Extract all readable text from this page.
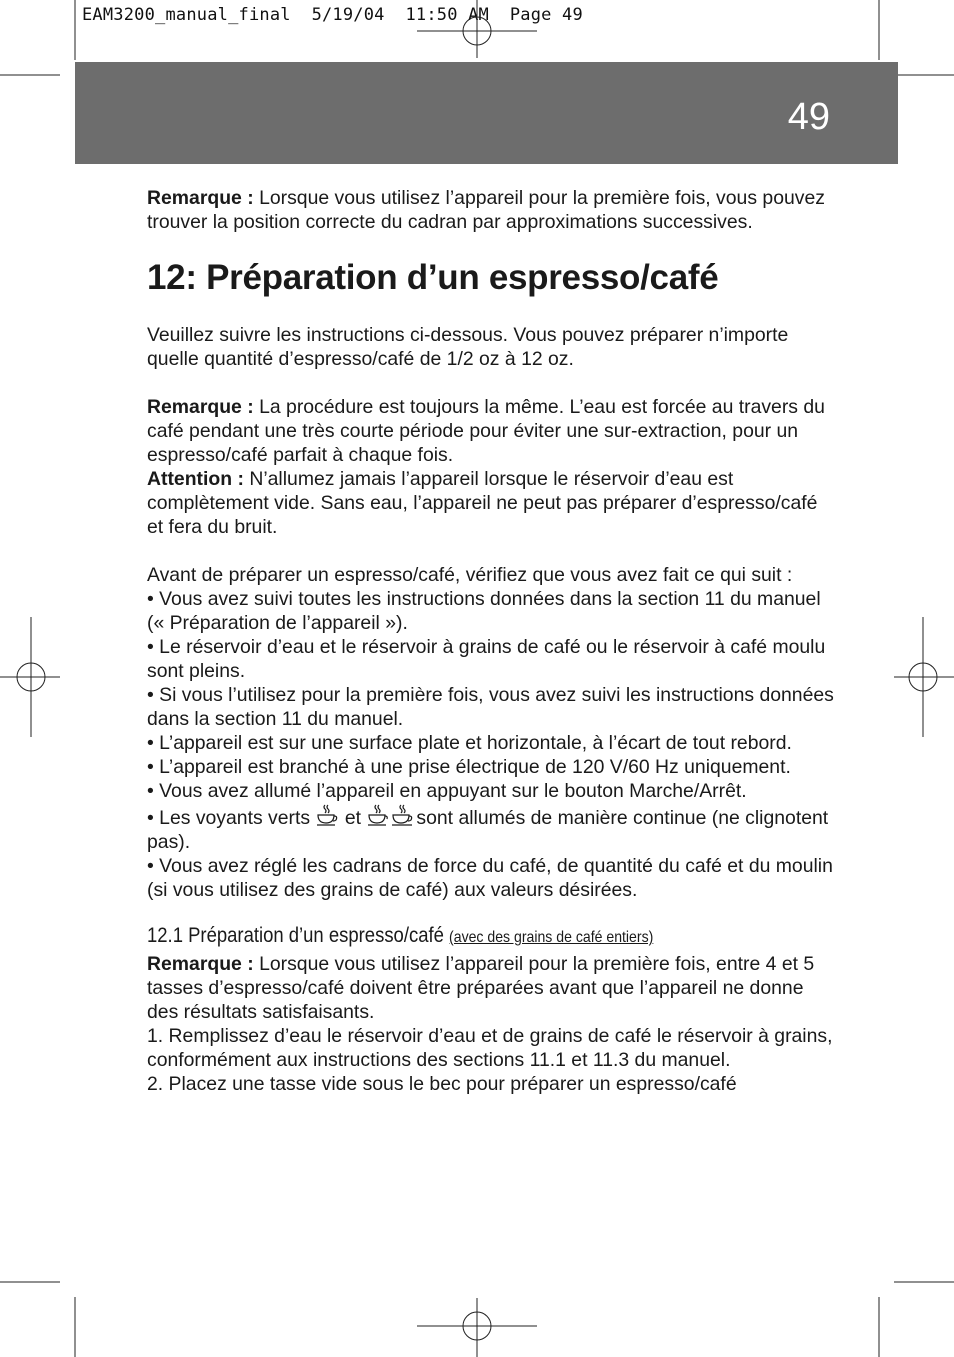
EAM3200_manual_final  5/19/04  11:50 AM  Page 49
49

Remarque : Lorsque vous utilisez l’appareil pour la première fois, vous pouvez trouver la position correcte du cadran par approximations successives.

12: Préparation d’un espresso/café

Veuillez suivre les instructions ci-dessous. Vous pouvez préparer n’importe quelle quantité d’espresso/café de 1/2 oz à 12 oz.

Remarque : La procédure est toujours la même. L’eau est forcée au travers du café pendant une très courte période pour éviter une sur-extraction, pour un espresso/café parfait à chaque fois.

Attention : N’allumez jamais l’appareil lorsque le réservoir d’eau est complètement vide. Sans eau, l’appareil ne peut pas préparer d’espresso/café et fera du bruit.

Avant de préparer un espresso/café, vérifiez que vous avez fait ce qui suit :

• Vous avez suivi toutes les instructions données dans la section 11 du manuel (« Préparation de l’appareil »).

• Le réservoir d’eau et le réservoir à grains de café ou le réservoir à café moulu sont pleins.

• Si vous l’utilisez pour la première fois, vous avez suivi les instructions données dans la section 11 du manuel.

• L’appareil est sur une surface plate et horizontale, à l’écart de tout rebord.

• L’appareil est branché à une prise électrique de 120 V/60 Hz uniquement.

• Vous avez allumé l’appareil en appuyant sur le bouton Marche/Arrêt.

• Les voyants verts  et	sont allumés de manière continue (ne clignotent pas).

• Vous avez réglé les cadrans de force du café, de quantité du café et du moulin (si vous utilisez des grains de café) aux valeurs désirées.

12.1 Préparation d’un espresso/café (avec des grains de café entiers)

Remarque : Lorsque vous utilisez l’appareil pour la première fois, entre 4 et 5 tasses d’espresso/café doivent être préparées avant que l’appareil ne donne des résultats satisfaisants.

1. Remplissez d’eau le réservoir d’eau et de grains de café le réservoir à grains, conformément aux instructions des sections 11.1 et 11.3 du manuel.

2. Placez une tasse vide sous le bec pour préparer un espresso/café
